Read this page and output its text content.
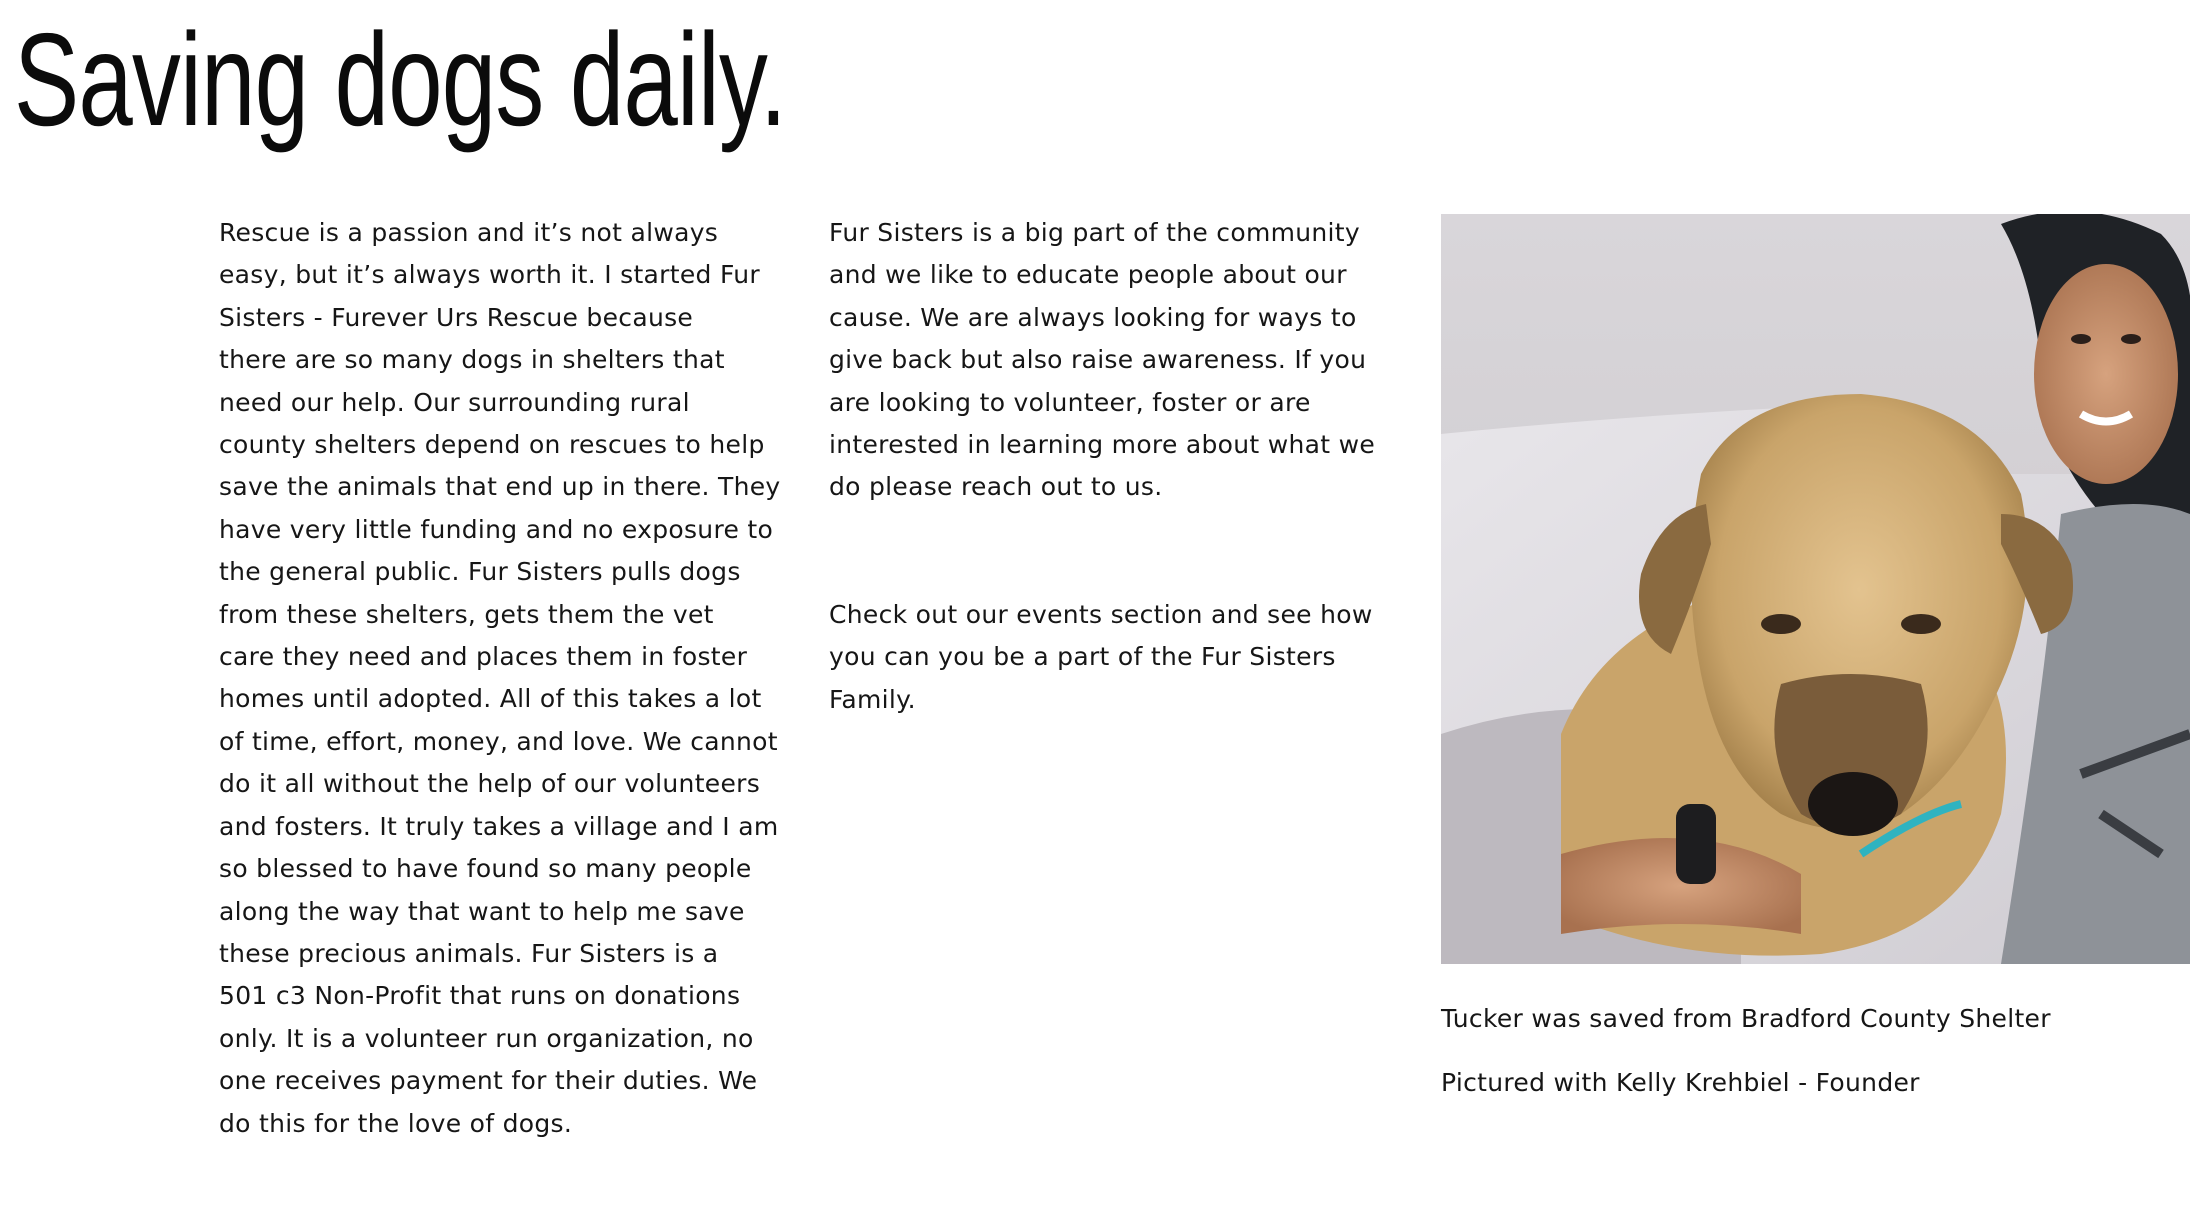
Saving dogs daily.

Rescue is a passion and it’s not always
easy, but it’s always worth it. I started Fur
Sisters - Furever Urs Rescue because
there are so many dogs in shelters that
need our help. Our surrounding rural
county shelters depend on rescues to help
save the animals that end up in there. They
have very little funding and no exposure to
the general public. Fur Sisters pulls dogs
from these shelters, gets them the vet
care they need and places them in foster
homes until adopted. All of this takes a lot
of time, effort, money, and love. We cannot
do it all without the help of our volunteers
and fosters. It truly takes a village and I am
so blessed to have found so many people
along the way that want to help me save
these precious animals. Fur Sisters is a
501 c3 Non-Profit that runs on donations
only. It is a volunteer run organization, no
one receives payment for their duties. We
do this for the love of dogs.

Fur Sisters is a big part of the community
and we like to educate people about our
cause. We are always looking for ways to
give back but also raise awareness. If you
are looking to volunteer, foster or are
interested in learning more about what we
do please reach out to us.

Check out our events section and see how
you can you be a part of the Fur Sisters
Family.

Tucker was saved from Bradford County Shelter

Pictured with Kelly Krehbiel - Founder
